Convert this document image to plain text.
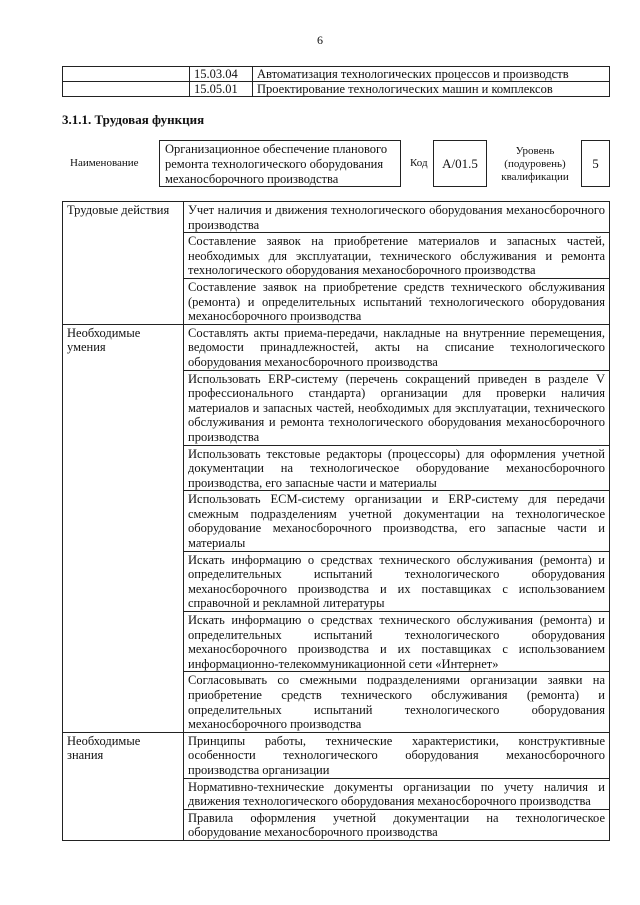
6
	15.03.04	Автоматизация технологических процессов и производств
	15.05.01	Проектирование технологических машин и комплексов
3.1.1. Трудовая функция
Наименование
Организационное обеспечение планового ремонта технологического оборудования механосборочного производства
Код	A/01.5
Уровень (подуровень) квалификации
5
Трудовые действия	Учет наличия и движения технологического оборудования механосборочного производства
	Составление заявок на приобретение материалов и запасных частей, необходимых для эксплуатации, технического обслуживания и ремонта технологического оборудования механосборочного производства
	Составление заявок на приобретение средств технического обслуживания (ремонта) и определительных испытаний технологического оборудования механосборочного производства
Необходимые умения	Составлять акты приема-передачи, накладные на внутренние перемещения, ведомости принадлежностей, акты на списание технологического оборудования механосборочного производства
	Использовать ERP-систему (перечень сокращений приведен в разделе V профессионального стандарта) организации для проверки наличия материалов и запасных частей, необходимых для эксплуатации, технического обслуживания и ремонта технологического оборудования механосборочного производства
	Использовать текстовые редакторы (процессоры) для оформления учетной документации на технологическое оборудование механосборочного производства, его запасные части и материалы
	Использовать ECM-систему организации и ERP-систему для передачи смежным подразделениям учетной документации на технологическое оборудование механосборочного производства, его запасные части и материалы
	Искать информацию о средствах технического обслуживания (ремонта) и определительных испытаний технологического оборудования механосборочного производства и их поставщиках с использованием справочной и рекламной литературы
	Искать информацию о средствах технического обслуживания (ремонта) и определительных испытаний технологического оборудования механосборочного производства и их поставщиках с использованием информационно-телекоммуникационной сети «Интернет»
	Согласовывать со смежными подразделениями организации заявки на приобретение средств технического обслуживания (ремонта) и определительных испытаний технологического оборудования механосборочного производства
Необходимые знания	Принципы работы, технические характеристики, конструктивные особенности технологического оборудования механосборочного производства организации
	Нормативно-технические документы организации по учету наличия и движения технологического оборудования механосборочного производства
	Правила оформления учетной документации на технологическое оборудование механосборочного производства
